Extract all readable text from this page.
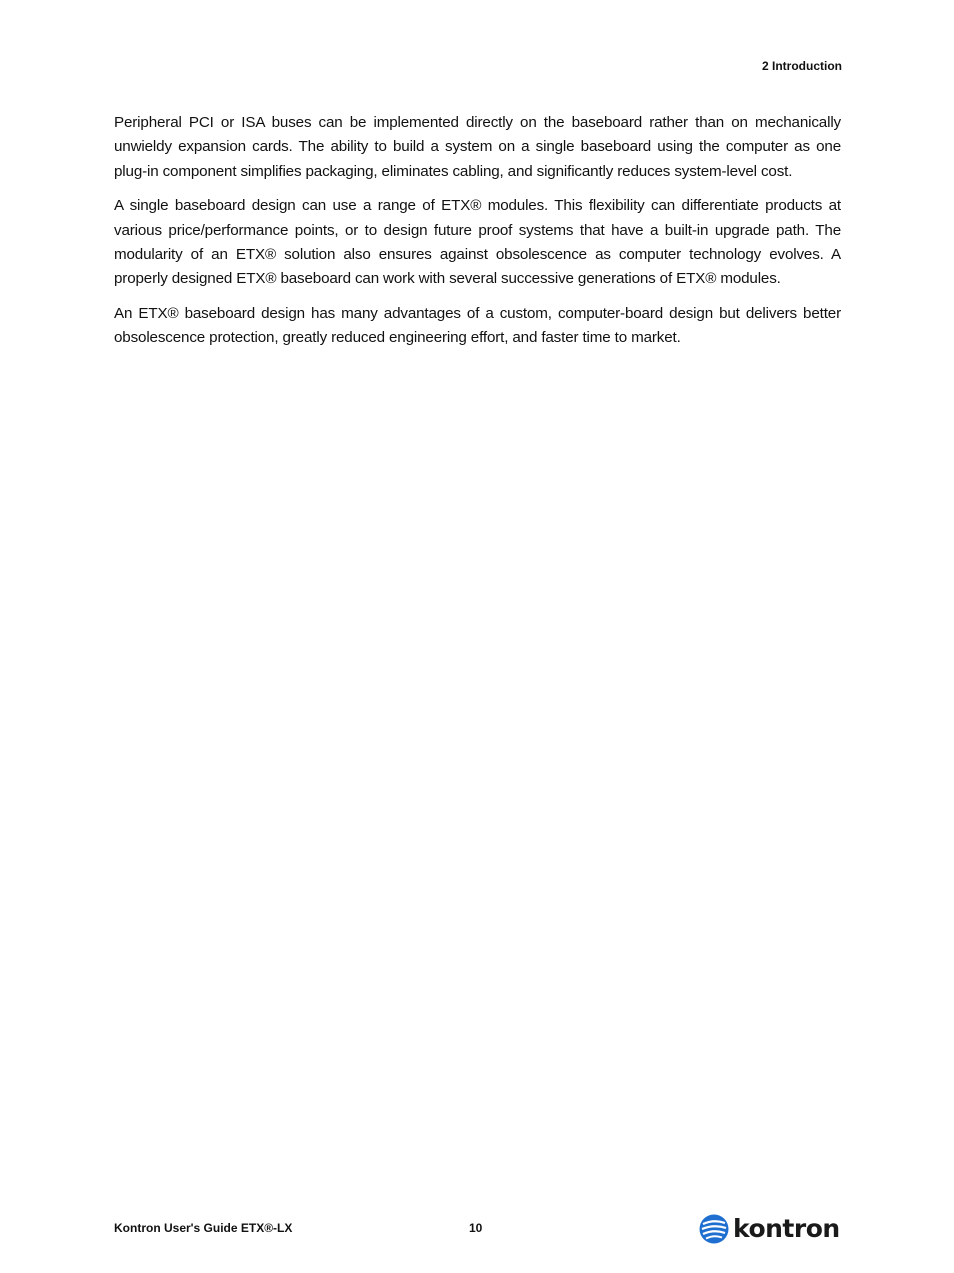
2 Introduction

Peripheral PCI or ISA buses can be implemented directly on the baseboard rather than on mechanically unwieldy expansion cards. The ability to build a system on a single baseboard using the computer as one plug-in component simplifies packaging, eliminates cabling, and significantly reduces system-level cost.

A single baseboard design can use a range of ETX® modules. This flexibility can differentiate products at various price/performance points, or to design future proof systems that have a built-in upgrade path. The modularity of an ETX® solution also ensures against obsolescence as computer technology evolves. A properly designed ETX® baseboard can work with several successive generations of ETX® modules.

An ETX® baseboard design has many advantages of a custom, computer-board design but delivers better obsolescence protection, greatly reduced engineering effort, and faster time to market.

Kontron User's Guide ETX®-LX	10	kontron
